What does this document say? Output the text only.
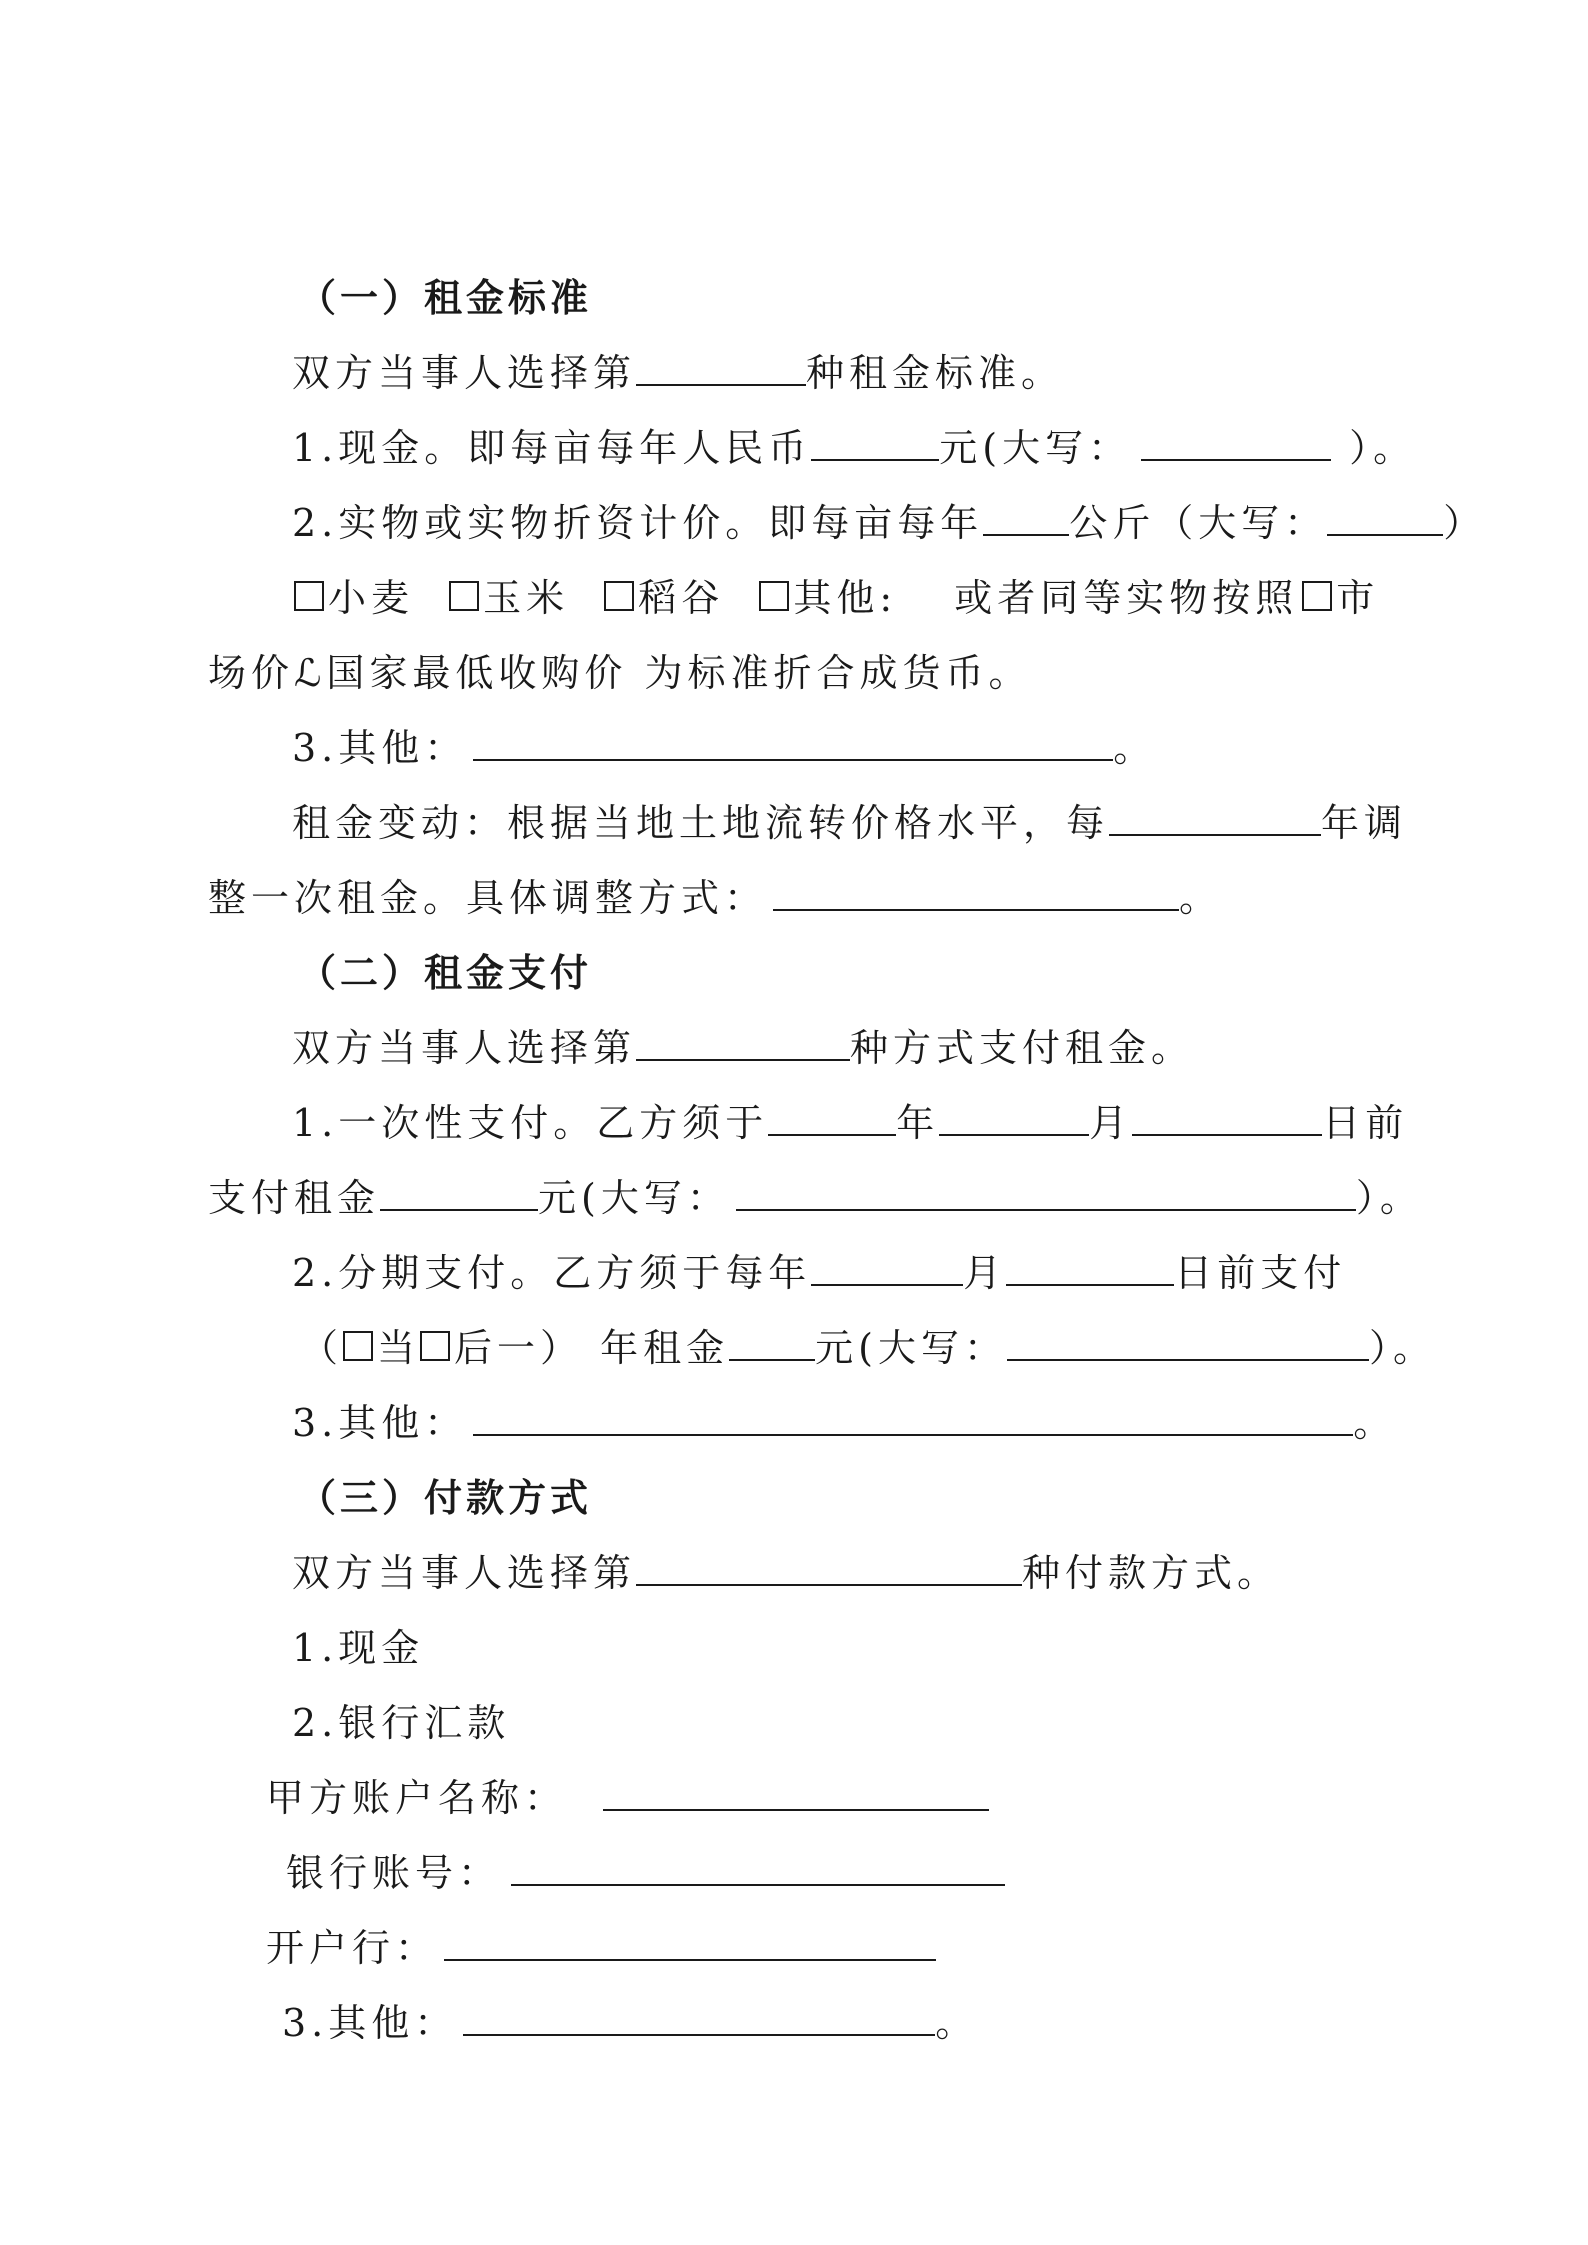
（一）租金标准
双方当事人选择第	种租金标准。
1.现金。即每亩每年人民币	元(大写：	）。
2.实物或实物折资计价。即每亩每年 公斤（大写：	）
小麦 玉米 稻谷 其他: 或者同等实物按照 市
场价ℒ国家最低收购价 为标准折合成货币。
3.其他：	。
租金变动：根据当地土地流转价格水平，每	年调
整一次租金。具体调整方式：	。
（二）租金支付
双方当事人选择第	种方式支付租金。
1.一次性支付。乙方须于	年	月	日前
支付租金	元(大写：	）。
2.分期支付。乙方须于每年	月	日前支付
（ 当 后一） 年租金 元(大写：	）。
3.其他：	。
（三）付款方式
双方当事人选择第	种付款方式。
1.现金
2.银行汇款
甲方账户名称：
银行账号：
开户行：
3.其他：	。
